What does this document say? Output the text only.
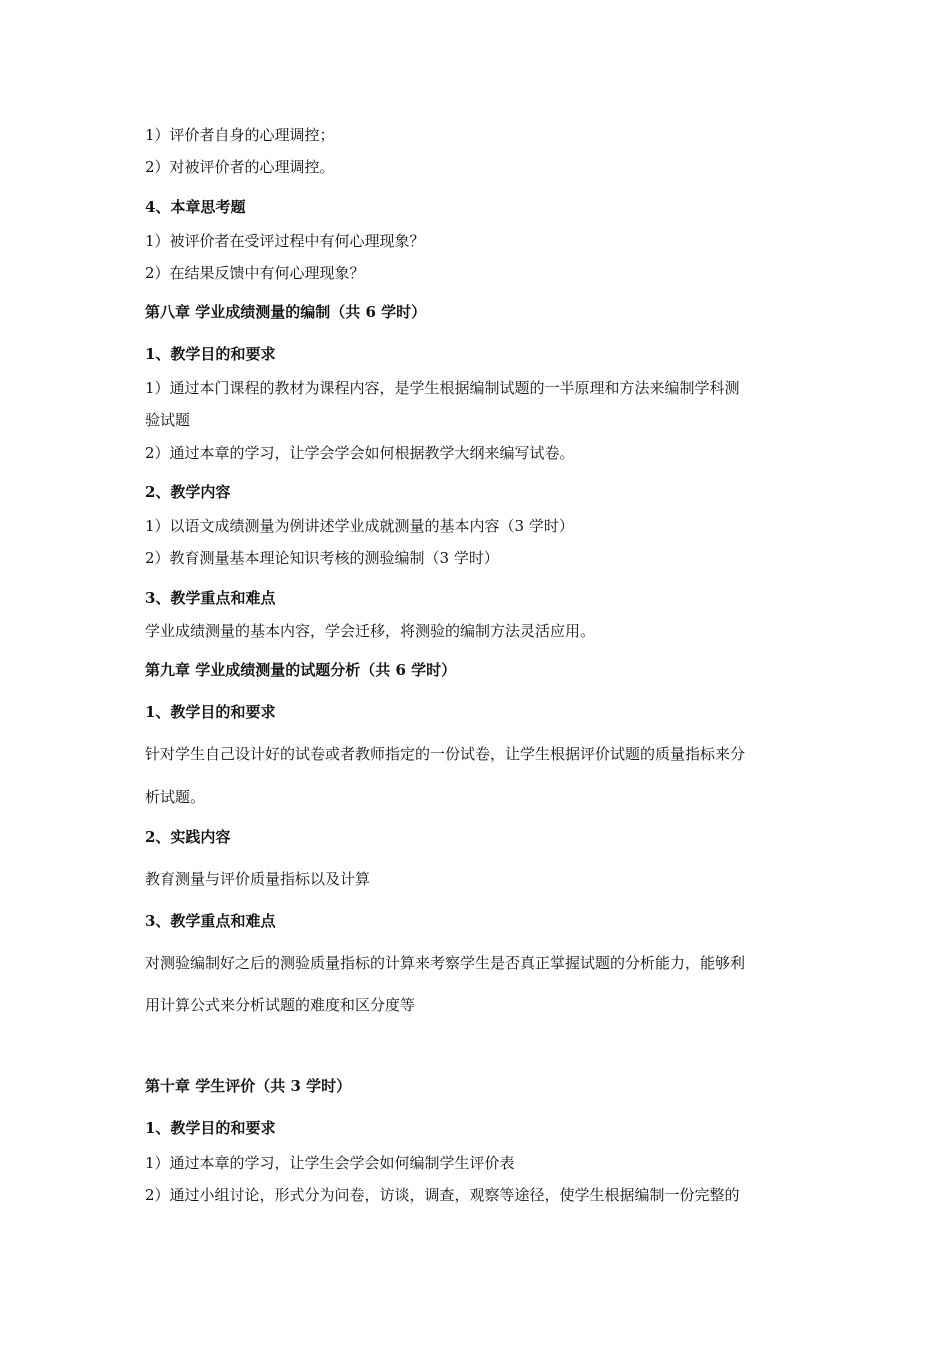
1）评价者自身的心理调控；
2）对被评价者的心理调控。
4、本章思考题
1）被评价者在受评过程中有何心理现象？
2）在结果反馈中有何心理现象？
第八章 学业成绩测量的编制（共 6 学时）
1、教学目的和要求
1）通过本门课程的教材为课程内容，是学生根据编制试题的一半原理和方法来编制学科测
验试题
2）通过本章的学习，让学会学会如何根据教学大纲来编写试卷。
2、教学内容
1）以语文成绩测量为例讲述学业成就测量的基本内容（3 学时）
2）教育测量基本理论知识考核的测验编制（3 学时）
3、教学重点和难点
学业成绩测量的基本内容，学会迁移，将测验的编制方法灵活应用。
第九章 学业成绩测量的试题分析（共 6 学时）
1、教学目的和要求
针对学生自己设计好的试卷或者教师指定的一份试卷，让学生根据评价试题的质量指标来分
析试题。
2、实践内容
教育测量与评价质量指标以及计算
3、教学重点和难点
对测验编制好之后的测验质量指标的计算来考察学生是否真正掌握试题的分析能力，能够利
用计算公式来分析试题的难度和区分度等
第十章 学生评价（共 3 学时）
1、教学目的和要求
1）通过本章的学习，让学生会学会如何编制学生评价表
2）通过小组讨论，形式分为问卷，访谈，调查，观察等途径，使学生根据编制一份完整的
